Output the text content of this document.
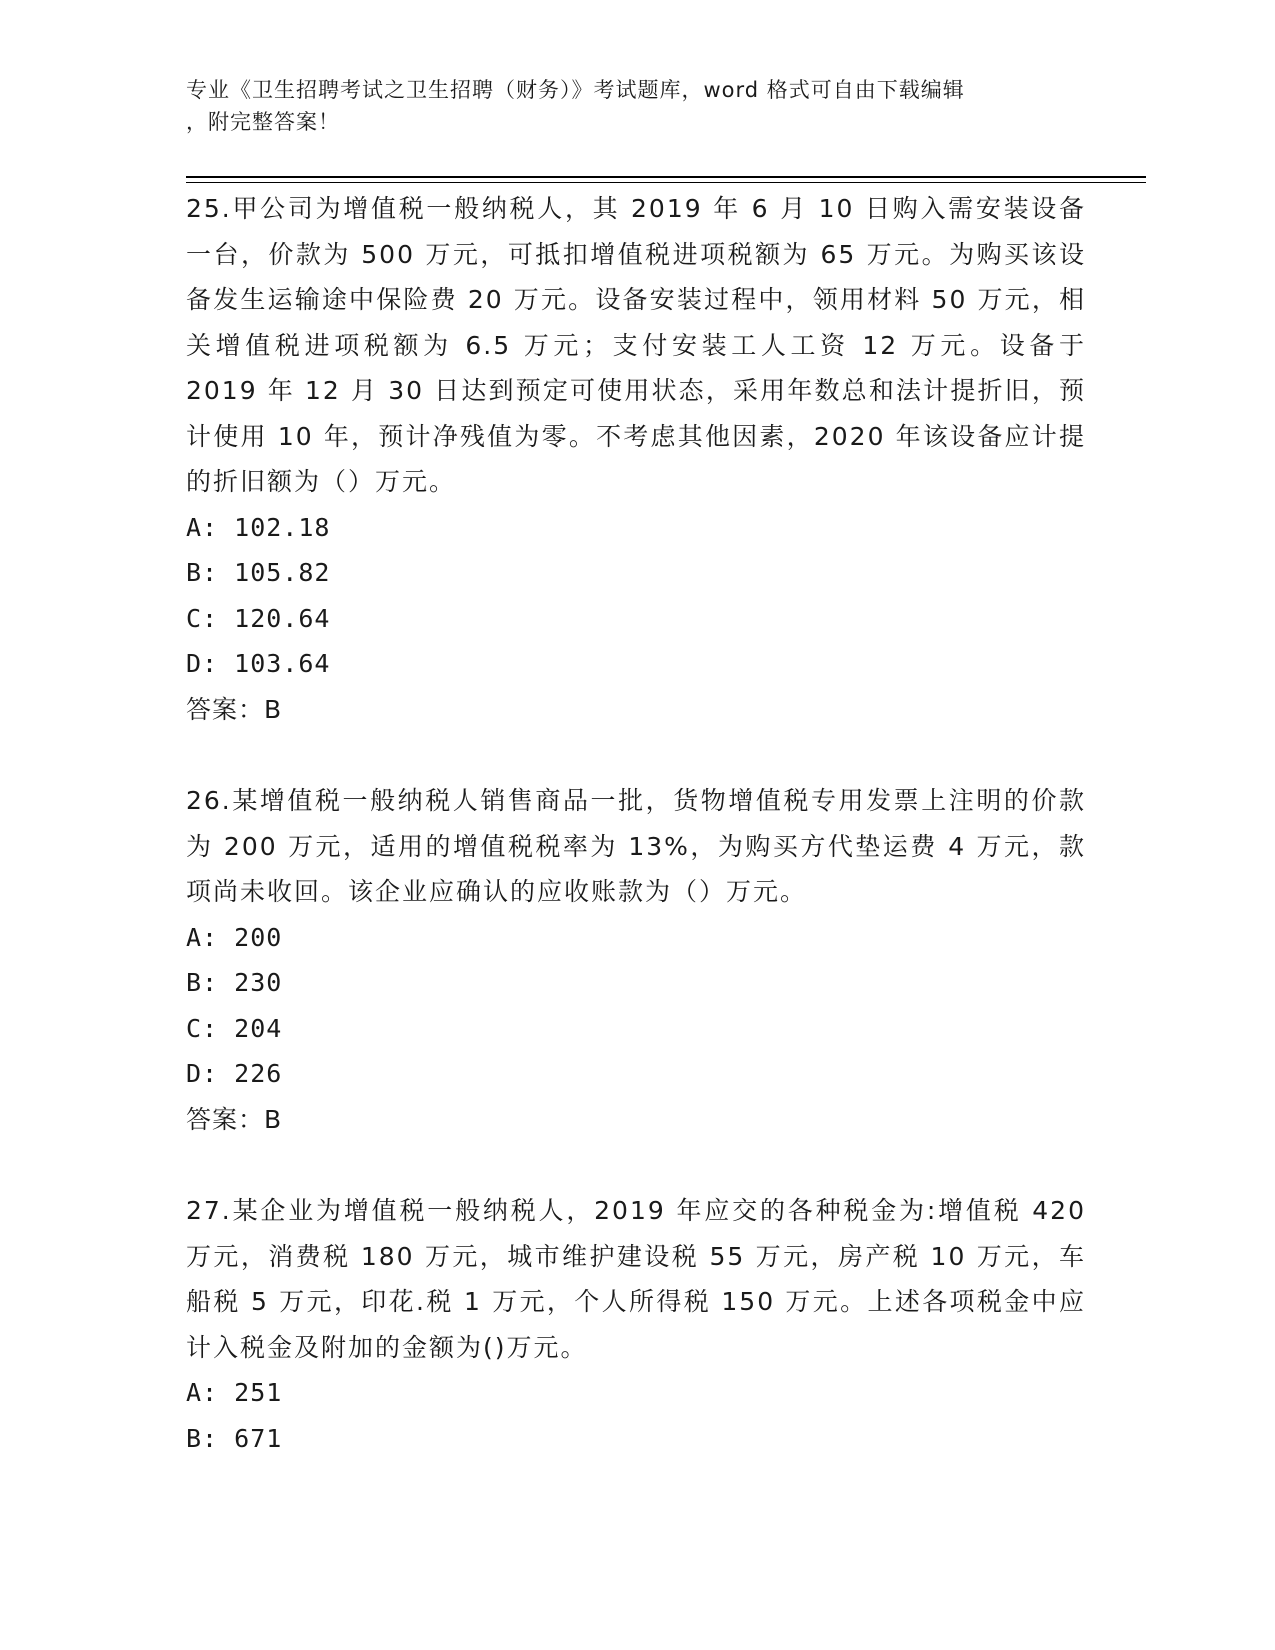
专业《卫生招聘考试之卫生招聘（财务）》考试题库，word 格式可自由下载编辑
，附完整答案！

25.甲公司为增值税一般纳税人，其 2019 年 6 月 10 日购入需安装设备一台，价款为 500 万元，可抵扣增值税进项税额为 65 万元。为购买该设备发生运输途中保险费 20 万元。设备安装过程中，领用材料 50 万元，相关增值税进项税额为 6.5 万元；支付安装工人工资 12 万元。设备于 2019 年 12 月 30 日达到预定可使用状态，采用年数总和法计提折旧，预计使用 10 年，预计净残值为零。不考虑其他因素，2020 年该设备应计提的折旧额为（）万元。

A: 102.18
B: 105.82
C: 120.64
D: 103.64
答案：B

26.某增值税一般纳税人销售商品一批，货物增值税专用发票上注明的价款为 200 万元，适用的增值税税率为 13%，为购买方代垫运费 4 万元，款项尚未收回。该企业应确认的应收账款为（）万元。

A: 200
B: 230
C: 204
D: 226
答案：B

27.某企业为增值税一般纳税人，2019 年应交的各种税金为:增值税 420 万元，消费税 180 万元，城市维护建设税 55 万元，房产税 10 万元，车船税 5 万元，印花.税 1 万元，个人所得税 150 万元。上述各项税金中应计入税金及附加的金额为()万元。

A: 251
B: 671
